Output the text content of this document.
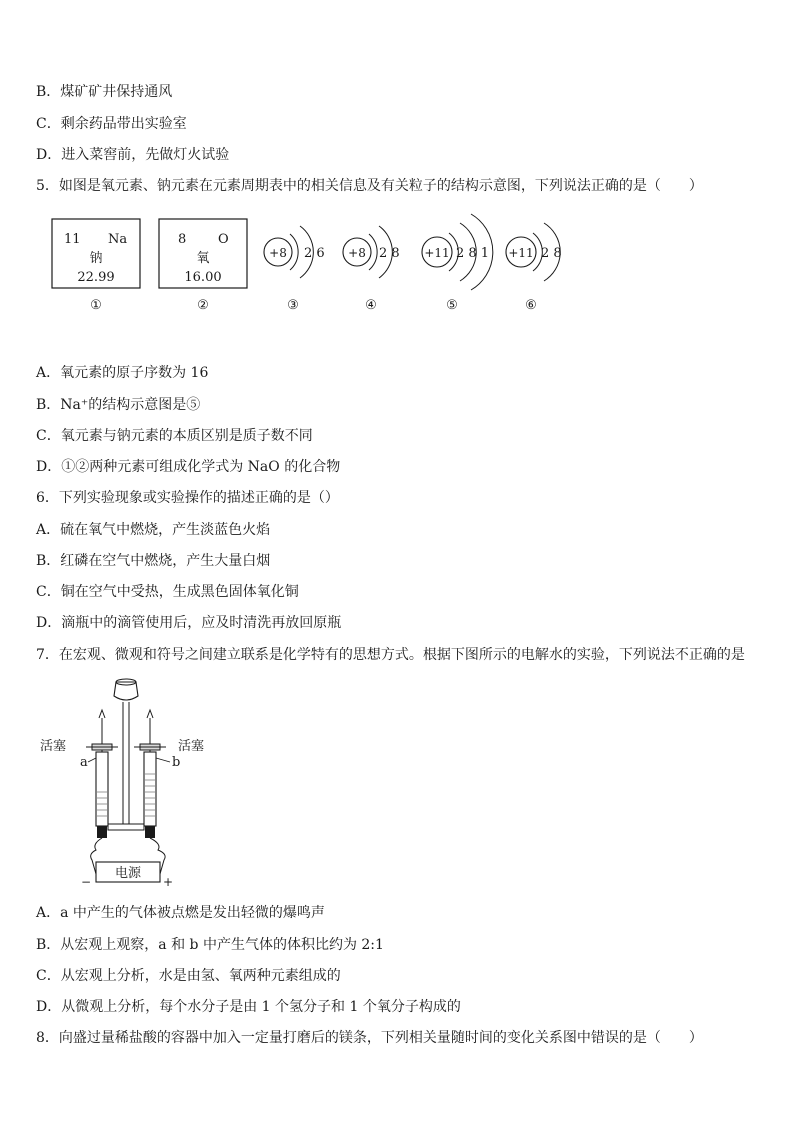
B．煤矿矿井保持通风
C．剩余药品带出实验室
D．进入菜窖前，先做灯火试验
5．如图是氧元素、钠元素在元素周期表中的相关信息及有关粒子的结构示意图，下列说法正确的是（　　）
11 Na
钠
22.99
8 O
氧
16.00
+8 2 6 +8 2 8 +11 2 8 1 +11 2 8
①	②	③	④	⑤	⑥
A．氧元素的原子序数为 16
B．Na⁺的结构示意图是⑤
C．氧元素与钠元素的本质区别是质子数不同
D．①②两种元素可组成化学式为 NaO 的化合物
6．下列实验现象或实验操作的描述正确的是（）
A．硫在氧气中燃烧，产生淡蓝色火焰
B．红磷在空气中燃烧，产生大量白烟
C．铜在空气中受热，生成黑色固体氧化铜
D．滴瓶中的滴管使用后，应及时清洗再放回原瓶
7．在宏观、微观和符号之间建立联系是化学特有的思想方式。根据下图所示的电解水的实验，下列说法不正确的是
电源
−	+
活塞	活塞
a	b
A．a 中产生的气体被点燃是发出轻微的爆鸣声
B．从宏观上观察，a 和 b 中产生气体的体积比约为 2:1
C．从宏观上分析，水是由氢、氧两种元素组成的
D．从微观上分析，每个水分子是由 1 个氢分子和 1 个氧分子构成的
8．向盛过量稀盐酸的容器中加入一定量打磨后的镁条，下列相关量随时间的变化关系图中错误的是（　　）
